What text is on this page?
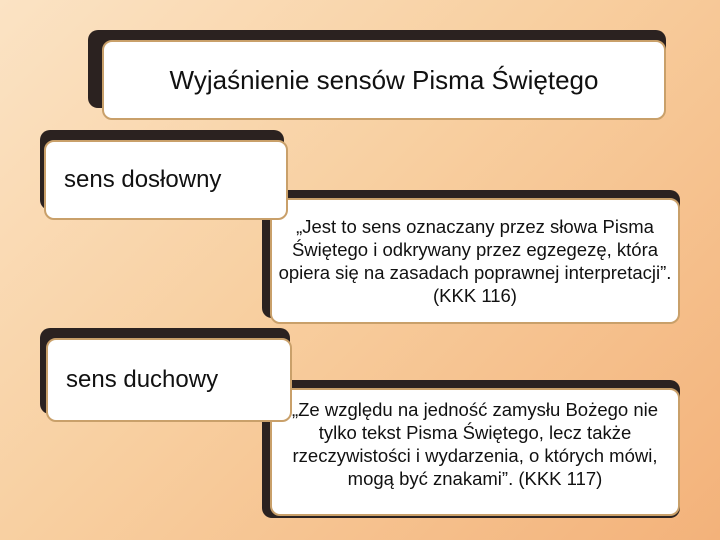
Wyjaśnienie sensów Pisma Świętego
„Jest to sens oznaczany przez słowa Pisma Świętego i odkrywany przez egzegezę, która opiera się na zasadach poprawnej interpretacji”. (KKK 116)
sens dosłowny
„Ze względu na jedność zamysłu Bożego nie tylko tekst Pisma Świętego, lecz także rzeczywistości i wydarzenia, o których mówi, mogą być znakami”. (KKK 117)
sens duchowy
